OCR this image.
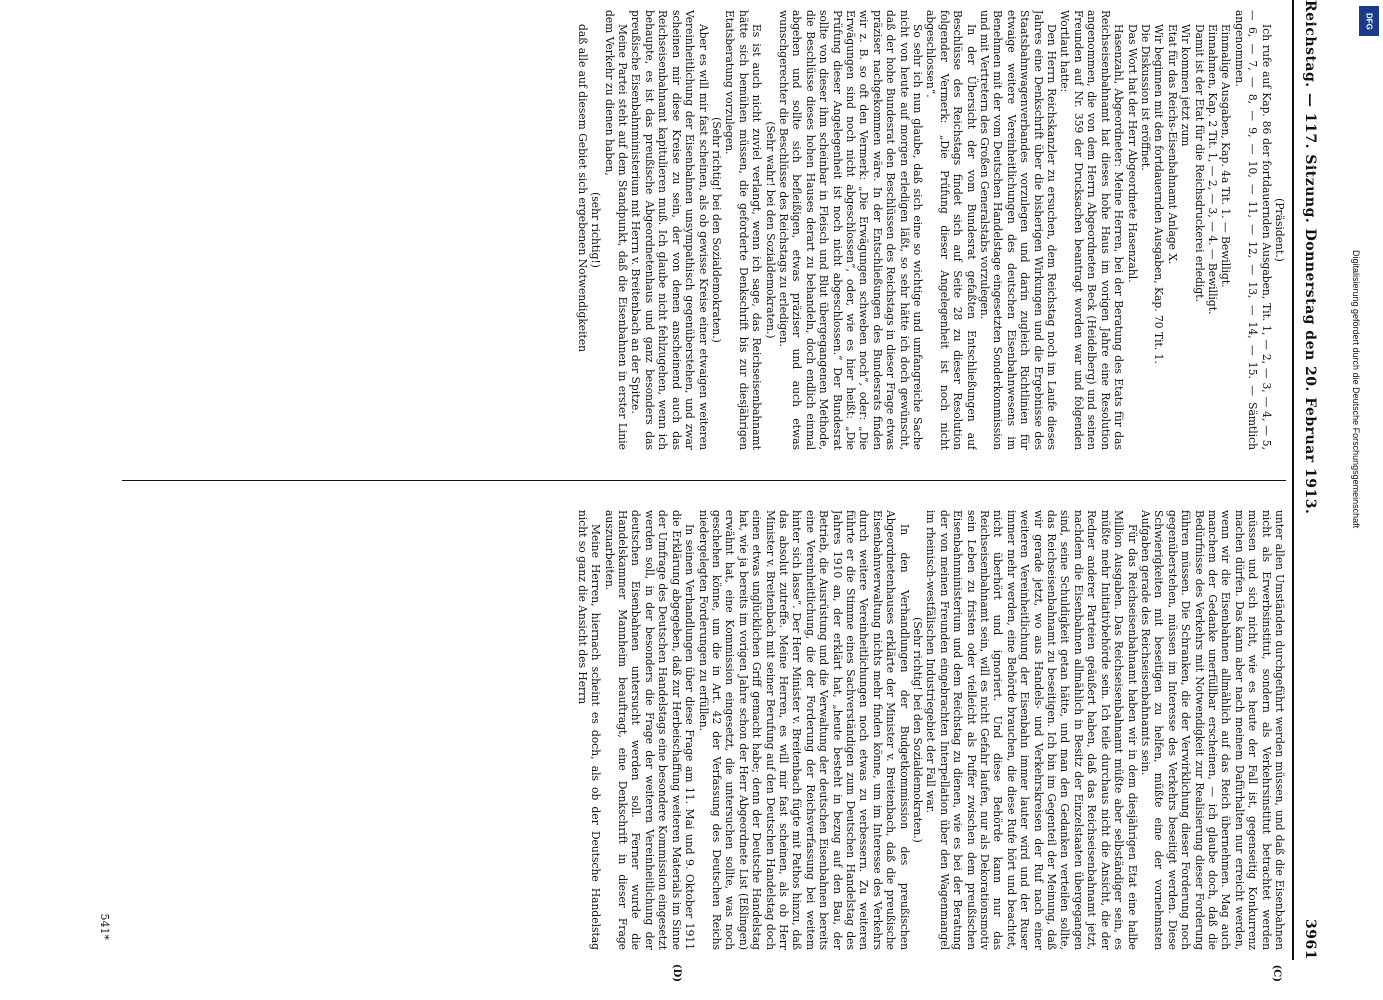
Reichstag. — 117. Sitzung. Donnerstag den 20. Februar 1913.
3961
(C)
(D)

(Präsident.)

Ich rufe auf Kap. 86 der fortdauernden Ausgaben, Tit. 1, — 2, — 3, — 4, — 5, — 6, — 7, — 8, — 9, — 10, — 11, — 12, — 13, — 14, — 15. — Sämtlich angenommen.

Einmalige Ausgaben, Kap. 4a Tit. 1. — Bewilligt.

Einnahmen, Kap. 2 Tit. 1, — 2, — 3, — 4. — Bewilligt.

Damit ist der Etat für die Reichsdruckerei erledigt.

Wir kommen jetzt zum

Etat für das Reichs-Eisenbahnamt Anlage X.

Wir beginnen mit den fortdauernden Ausgaben, Kap. 70 Tit. 1.

Die Diskussion ist eröffnet.

Das Wort hat der Herr Abgeordnete Hasenzahl.

Hasenzahl, Abgeordneter: Meine Herren, bei der Beratung des Etats für das Reichseisenbahnamt hat dieses hohe Haus im vorigen Jahre eine Resolution angenommen, die von dem Herrn Abgeordneten Beck (Heidelberg) und seinen Freunden auf Nr. 359 der Drucksachen beantragt worden war und folgenden Wortlaut hatte:

Den Herrn Reichskanzler zu ersuchen, dem Reichstag noch im Laufe dieses Jahres eine Denkschrift über die bisherigen Wirkungen und die Ergebnisse des Staatsbahnwagenverbandes vorzulegen und darin zugleich Richtlinien für etwaige weitere Vereinheitlichungen des deutschen Eisenbahnwesens im Benehmen mit der vom Deutschen Handelstage eingesetzten Sonderkommission und mit Vertretern des Großen Generalstabs vorzulegen.

In der Übersicht der vom Bundesrat gefaßten Entschließungen auf Beschlüsse des Reichstags findet sich auf Seite 28 zu dieser Resolution folgender Vermerk: „Die Prüfung dieser Angelegenheit ist noch nicht abgeschlossen“.

So sehr ich nun glaube, daß sich eine so wichtige und umfangreiche Sache nicht von heute auf morgen erledigen läßt, so sehr hätte ich doch gewünscht, daß der hohe Bundesrat den Beschlüssen des Reichstags in dieser Frage etwas präziser nachgekommen wäre. In der Entschließungen des Bundesrats finden wir z. B. so oft den Vermerk: „Die Erwägungen schweben noch“, oder: „Die Erwägungen sind noch nicht abgeschlossen“, oder, wie es hier heißt: „Die Prüfung dieser Angelegenheit ist noch nicht abgeschlossen.“ Der Bundesrat sollte von dieser ihm scheinbar in Fleisch und Blut übergegangenen Methode, die Beschlüsse dieses hohen Hauses derart zu behandeln, doch endlich einmal abgehen und sollte sich befleißigen, etwas präziser und auch etwas wunschgerechter die Beschlüsse des Reichstags zu erledigen.

(Sehr wahr! bei den Sozialdemokraten.)

Es ist auch nicht zuviel verlangt, wenn ich sage, das Reichseisenbahnamt hätte sich bemühen müssen, die geforderte Denkschrift bis zur diesjährigen Etatsberatung vorzulegen.

(Sehr richtig! bei den Sozialdemokraten.)

Aber es will mir fast scheinen, als ob gewisse Kreise einer etwaigen weiteren Vereinheitlichung der Eisenbahnen unsympathisch gegenüberstehen, und zwar scheinen mir diese Kreise zu sein, der von denen anscheinend auch das Reichseisenbahnamt kapitulieren muß. Ich glaube nicht fehlzugehen, wenn ich behaupte, es ist das preußische Abgeordnetenhaus und ganz besonders das preußische Eisenbahnministerium mit Herrn v. Breitenbach an der Spitze.

Meine Partei steht auf dem Standpunkt, daß die Eisenbahnen in erster Linie dem Verkehr zu dienen haben,

(sehr richtig!)

daß alle auf diesem Gebiet sich ergebenen Notwendigkeiten

unter allen Umständen durchgeführt werden müssen, und daß die Eisenbahnen nicht als Erwerbsinstitut, sondern als Verkehrsinstitut betrachtet werden müssen und sich nicht, wie es heute der Fall ist, gegenseitig Konkurrenz machen dürfen. Das kann aber nach meinem Dafürhalten nur erreicht werden, wenn wir die Eisenbahnen allmählich auf das Reich übernehmen. Mag auch manchem der Gedanke unerfüllbar erscheinen, — ich glaube doch, daß die Bedürfnisse des Verkehrs mit Notwendigkeit zur Realisierung dieser Forderung führen müssen. Die Schranken, die der Verwirklichung dieser Forderung noch gegenüberstehen, müssen im Interesse des Verkehrs beseitigt werden. Diese Schwierigkeiten mit beseitigen zu helfen, müßte eine der vornehmsten Aufgaben gerade des Reichseisenbahnamts sein.

Für das Reichseisenbahnamt haben wir in dem diesjährigen Etat eine halbe Million Ausgaben. Das Reichseisenbahnamt müßte aber selbständiger sein, es müßte mehr Initiativbehörde sein. Ich teile durchaus nicht die Ansicht, die der Redner anderer Parteien geäußert haben, daß das Reichseisenbahnamt jetzt, nachdem die Eisenbahnen allmählich in Besitz der Einzelstaaten übergegangen sind, seine Schuldigkeit getan hätte, und man den Gedanken verteilen sollte, das Reichseisenbahnamt zu beseitigen. Ich bin im Gegenteil der Meinung, daß wir gerade jetzt, wo aus Handels- und Verkehrskreisen der Ruf nach einer weiteren Vereinheitlichung der Eisenbahn immer lauter wird und der Ruser immer mehr werden, eine Behörde brauchen, die diese Rufe hört und beachtet, nicht überhört und ignoriert. Und diese Behörde kann nur das Reichseisenbahnamt sein, will es nicht Gefahr laufen, nur als Dekorationsmotiv sein Leben zu fristen oder vielleicht als Puffer zwischen dem preußischen Eisenbahnministerium und dem Reichstag zu dienen, wie es bei der Beratung der von meinen Freunden eingebrachten Interpellation über den Wagenmangel im rheinisch-westfälischen Industriegebiet der Fall war.

(Sehr richtig! bei den Sozialdemokraten.)

In den Verhandlungen der Budgetkommission des preußischen Abgeordnetenhauses erklärte der Minister v. Breitenbach, daß die preußische Eisenbahnverwaltung nichts mehr finden könne, um im Interesse des Verkehrs durch weitere Vereinheitlichungen noch etwas zu verbessern. Zu weiteren führte er die Stimme eines Sachverständigen zum Deutschen Handelstag des Jahres 1910 an, der erklärt hat, „heute besteht in bezug auf den Bau, der Betrieb, die Ausrüstung und die Verwaltung der deutschen Eisenbahnen bereits eine Vereinheitlichung, die der Forderung der Reichsverfassung bei weitem hinter sich lasse“. Der Herr Minister v. Breitenbach fügte mit Pathos hinzu, daß das absolut zutreffe. Meine Herren, es will mir fast scheinen, als ob Herr Minister v. Breitenbach mit seiner Berufung auf den Deutschen Handelstag doch einen etwas unglücklichen Griff gemacht habe; denn der Deutsche Handelstag hat, wie ja bereits im vorigen Jahre schon der Herr Abgeordnete List (Eßlingen) erwähnt hat, eine Kommission eingesetzt, die untersuchen sollte, was noch geschehen könne, um die in Art. 42 der Verfassung des Deutschen Reichs niedergelegten Forderungen zu erfüllen.

In seinen Verhandlungen über diese Frage am 11. Mai und 9. Oktober 1911 die Erklärung abgegeben, daß zur Herbeischaffung weiteren Materials im Sinne der Umfrage des Deutschen Handelstags eine besondere Kommission eingesetzt werden soll, in der besonders die Frage der weiteren Vereinheitlichung der deutschen Eisenbahnen untersucht werden soll. Ferner wurde die Handelskammer Mannheim beauftragt, eine Denkschrift in dieser Frage auszuarbeiten.

Meine Herren, hiernach scheint es doch, als ob der Deutsche Handelstag nicht so ganz die Ansicht des Herrn

541*
DFG
Digitalisierung gefördert durch die Deutsche Forschungsgemeinschaft
